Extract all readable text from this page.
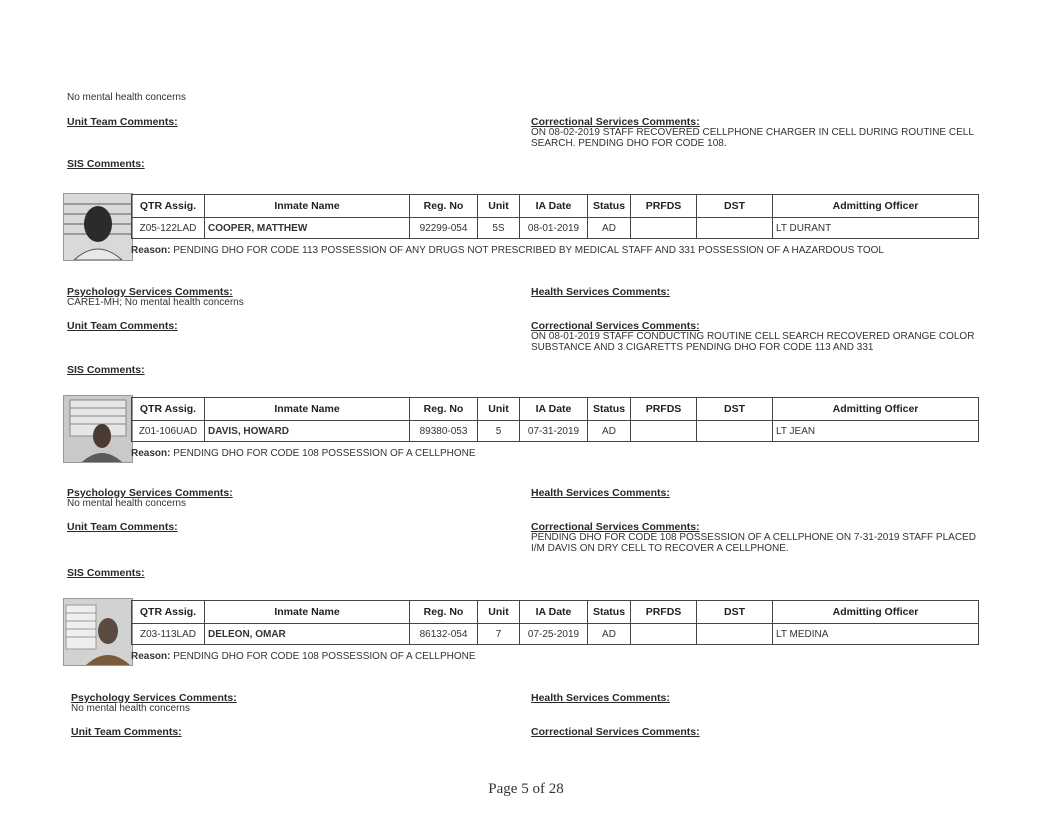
No mental health concerns
Unit Team Comments:	Correctional Services Comments:
ON 08-02-2019 STAFF RECOVERED CELLPHONE CHARGER IN CELL DURING ROUTINE CELL SEARCH. PENDING DHO FOR CODE 108.
SIS Comments:
QTR Assig.	Inmate Name	Reg. No	Unit	IA Date	Status	PRFDS	DST	Admitting Officer
Z05-122LAD	COOPER, MATTHEW	92299-054	5S	08-01-2019	AD			LT DURANT
Reason: PENDING DHO FOR CODE 113 POSSESSION OF ANY DRUGS NOT PRESCRIBED BY MEDICAL STAFF AND 331 POSSESSION OF A HAZARDOUS TOOL
Psychology Services Comments:
CARE1-MH; No mental health concerns
Health Services Comments:
Unit Team Comments:	Correctional Services Comments:
ON 08-01-2019 STAFF CONDUCTING ROUTINE CELL SEARCH RECOVERED ORANGE COLOR SUBSTANCE AND 3 CIGARETTS PENDING DHO FOR CODE 113 AND 331
SIS Comments:
QTR Assig.	Inmate Name	Reg. No	Unit	IA Date	Status	PRFDS	DST	Admitting Officer
Z01-106UAD	DAVIS, HOWARD	89380-053	5	07-31-2019	AD			LT JEAN
Reason: PENDING DHO FOR CODE 108 POSSESSION OF A CELLPHONE
Psychology Services Comments:
No mental health concerns
Health Services Comments:
Unit Team Comments:	Correctional Services Comments:
PENDING DHO FOR CODE 108 POSSESSION OF A CELLPHONE ON 7-31-2019 STAFF PLACED I/M DAVIS ON DRY CELL TO RECOVER A CELLPHONE.
SIS Comments:
QTR Assig.	Inmate Name	Reg. No	Unit	IA Date	Status	PRFDS	DST	Admitting Officer
Z03-113LAD	DELEON, OMAR	86132-054	7	07-25-2019	AD			LT MEDINA
Reason: PENDING DHO FOR CODE 108 POSSESSION OF A CELLPHONE
Psychology Services Comments:
No mental health concerns
Health Services Comments:
Unit Team Comments:	Correctional Services Comments:
Page 5 of 28
